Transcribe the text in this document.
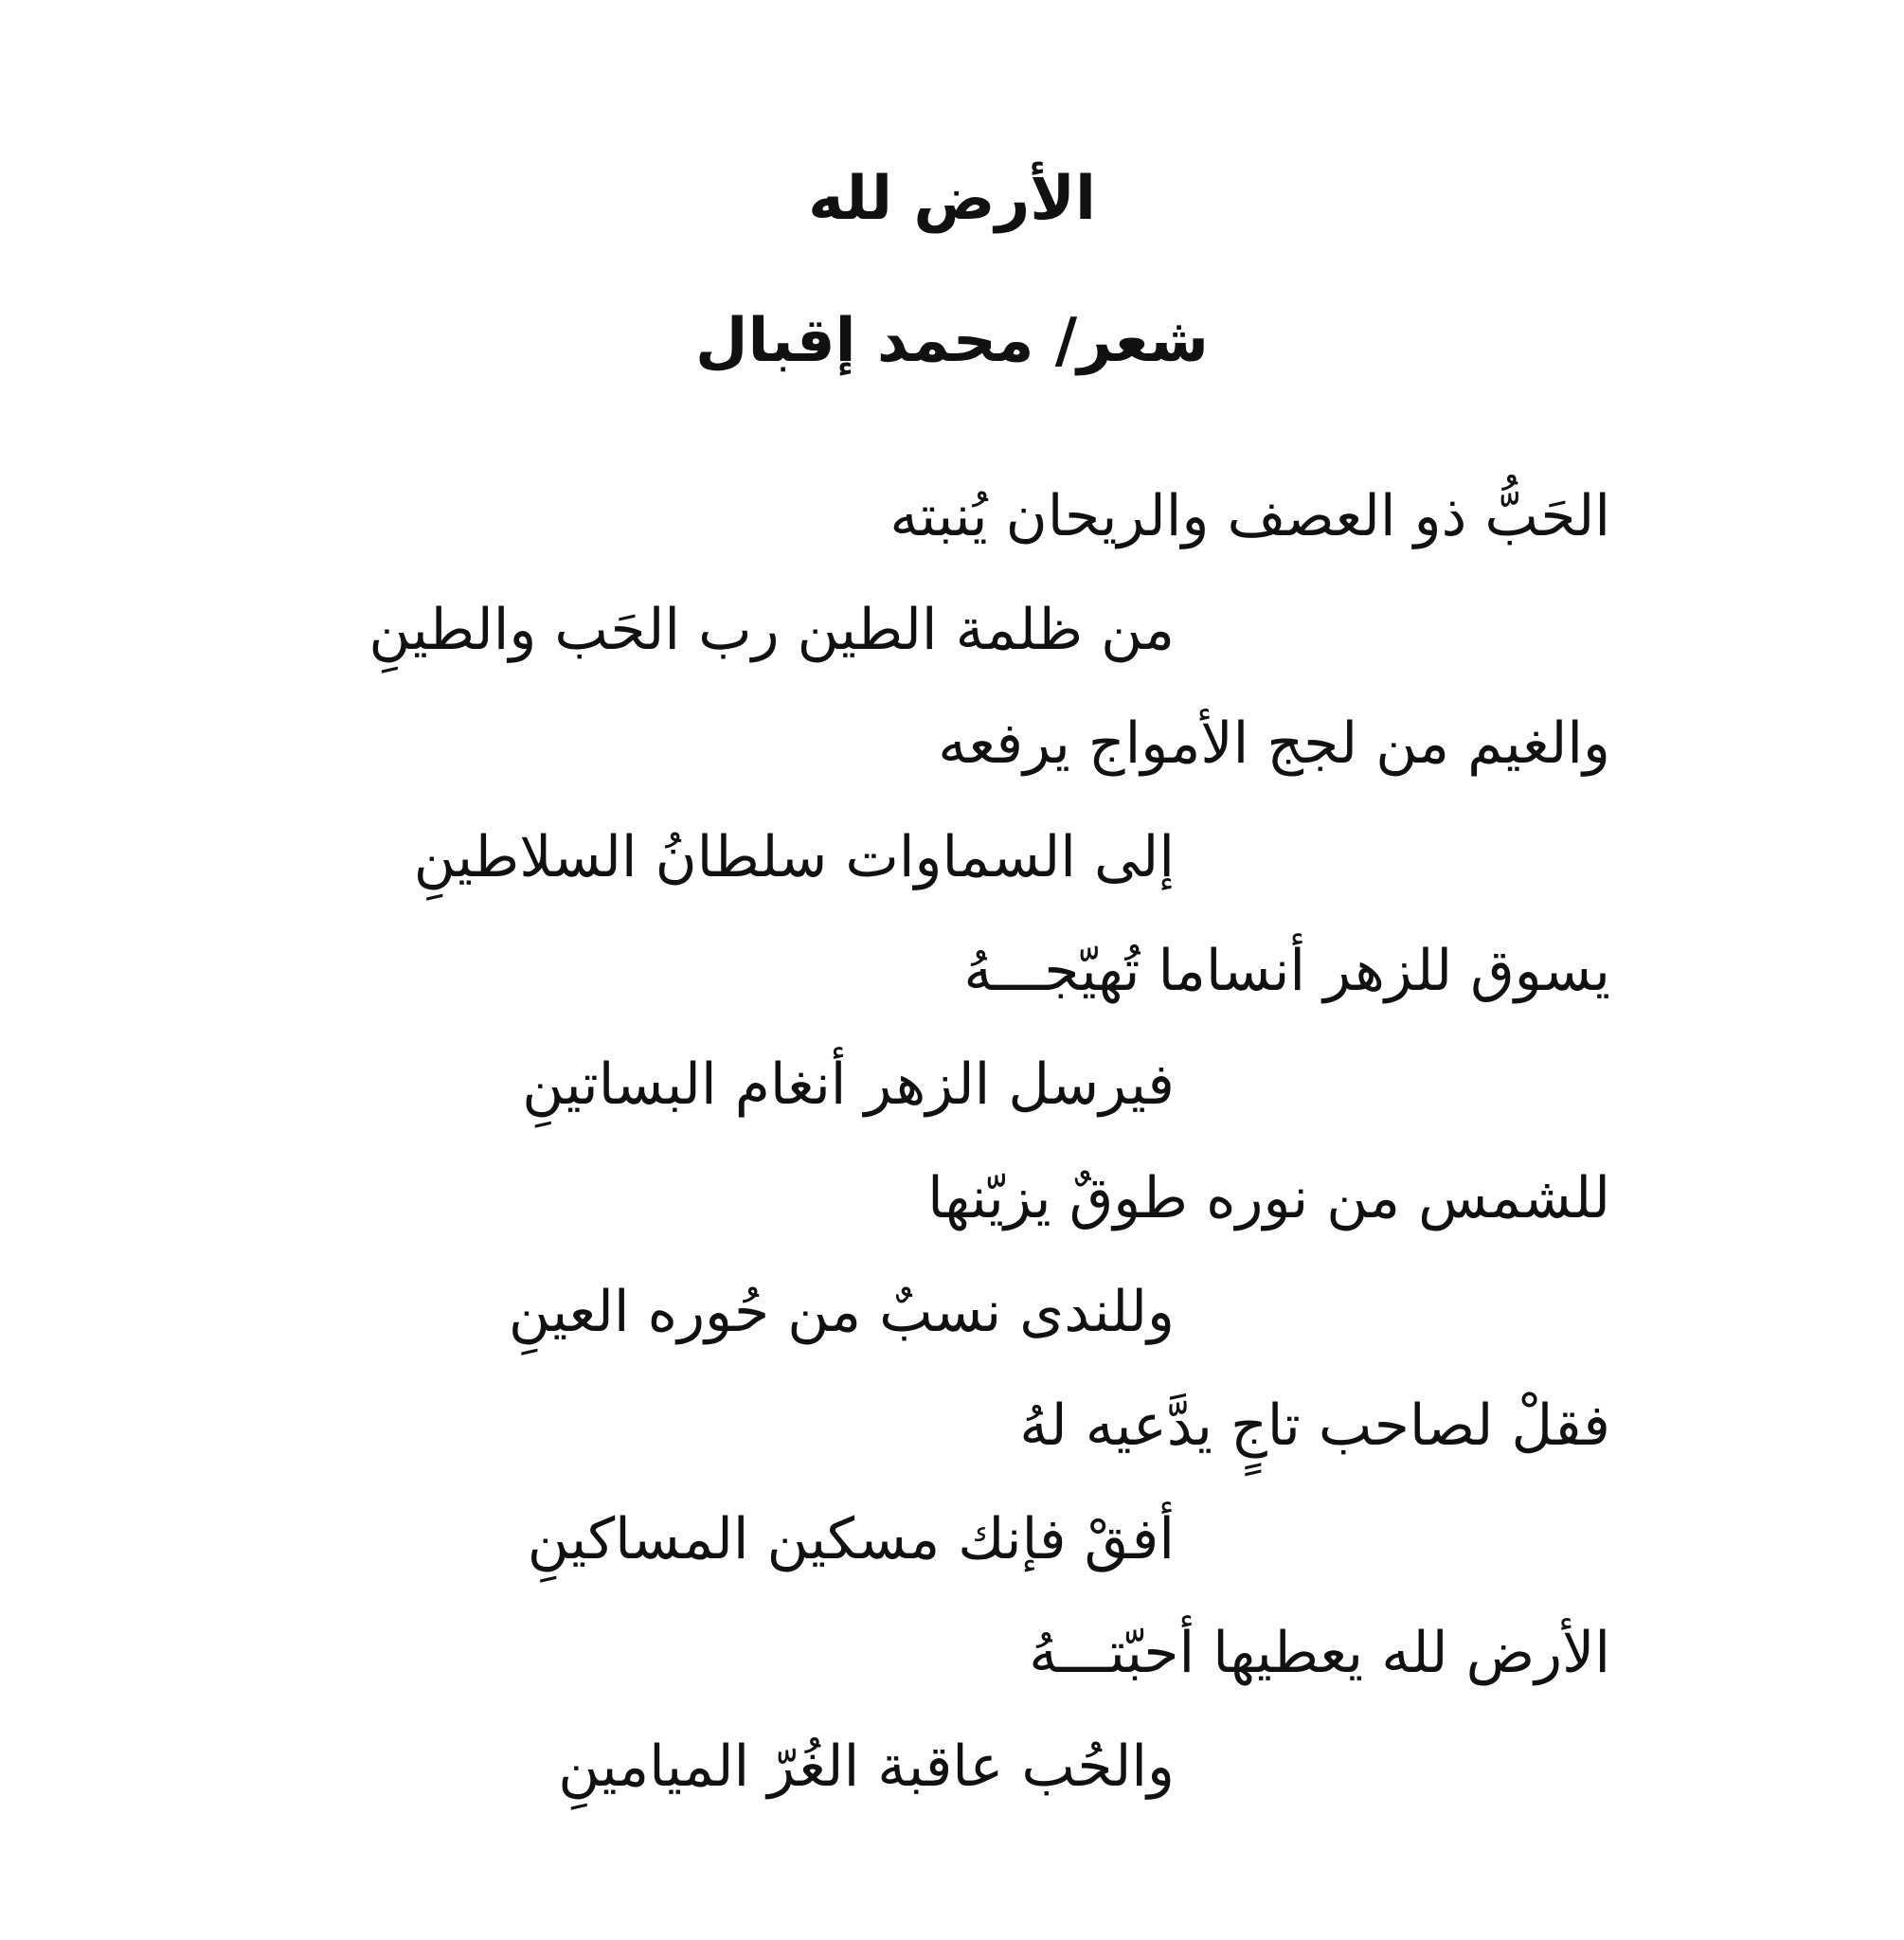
الأرض لله
شعر/ محمد إقبال
الحَبُّ ذو العصف والريحان يُنبته
من ظلمة الطين رب الحَب والطينِ
والغيم من لجج الأمواج يرفعه
إلى السماوات سلطانُ السلاطينِ
يسوق للزهر أنساما تُهيّجـــهُ
فيرسل الزهر أنغام البساتينِ
للشمس من نوره طوقٌ يزيّنها
وللندى نسبٌ من حُوره العينِ
فقلْ لصاحب تاجٍ يدَّعيه لهُ
أفقْ فإنك مسكين المساكينِ
الأرض لله يعطيها أحبّتـــهُ
والحُب عاقبة الغُرّ الميامينِ
